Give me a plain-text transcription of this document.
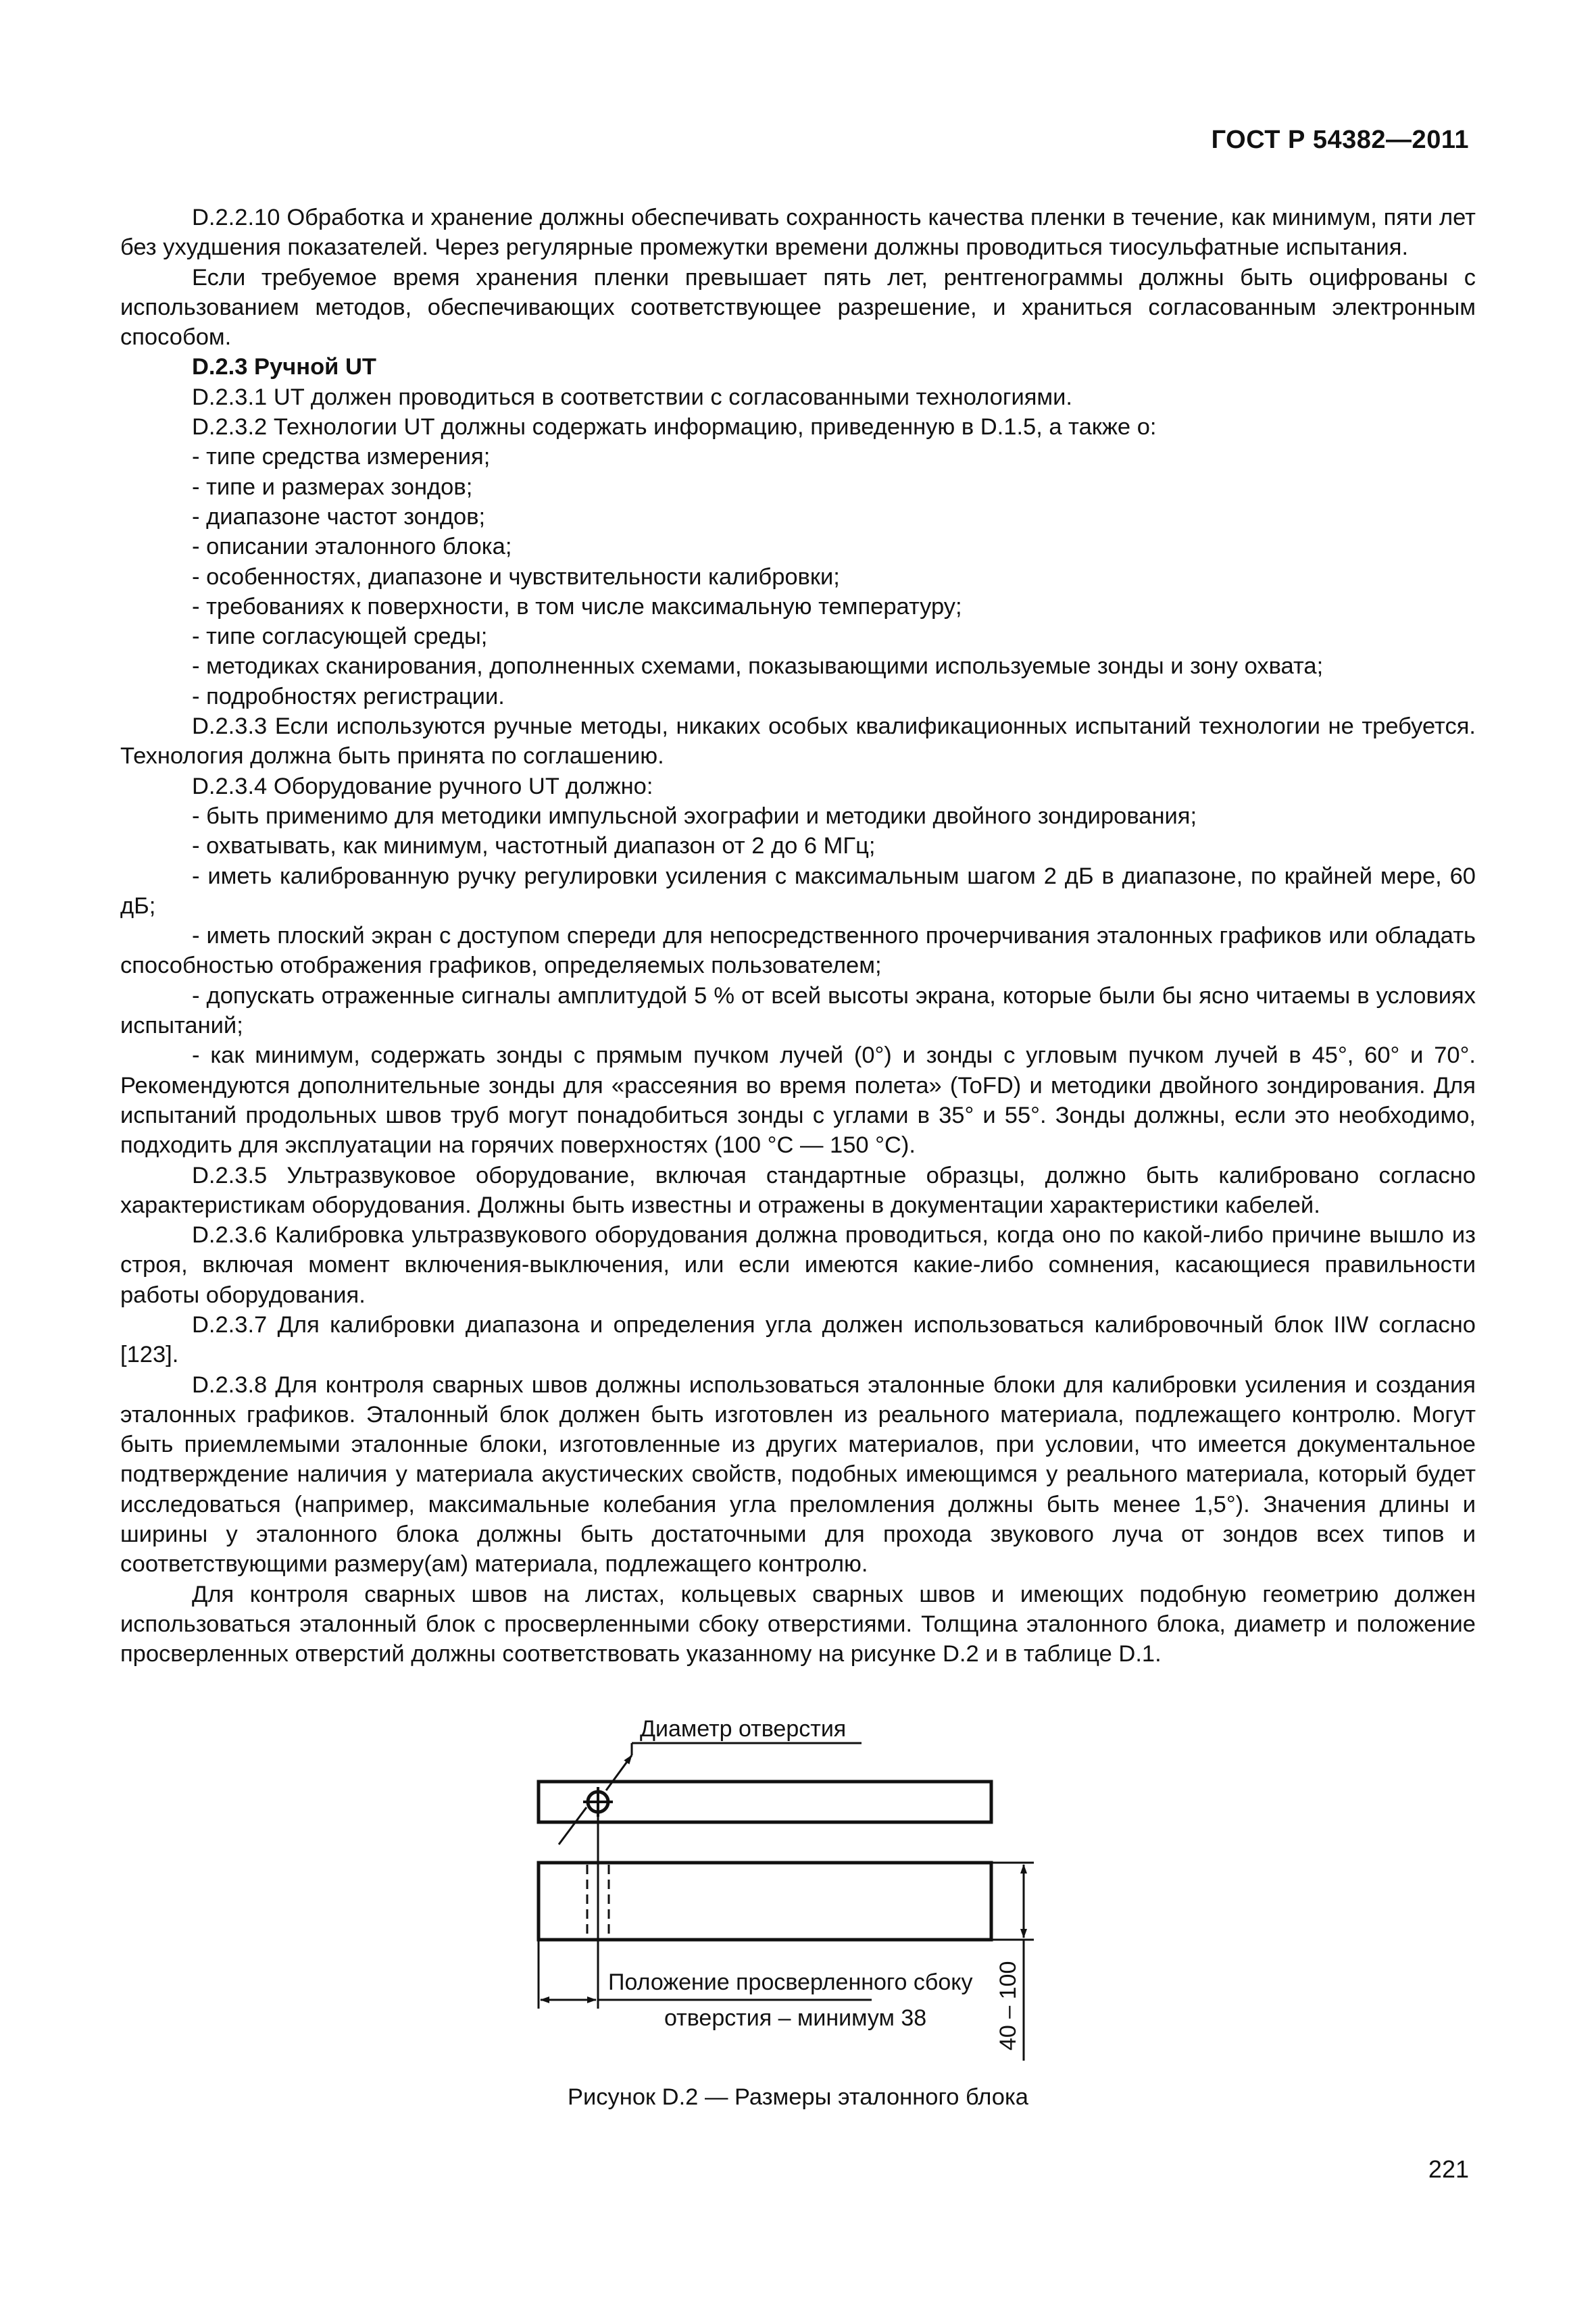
ГОСТ Р 54382—2011

D.2.2.10 Обработка и хранение должны обеспечивать сохранность качества пленки в течение, как минимум, пяти лет без ухудшения показателей. Через регулярные промежутки времени должны проводиться тиосульфатные испытания.

Если требуемое время хранения пленки превышает пять лет, рентгенограммы должны быть оцифрованы с использованием методов, обеспечивающих соответствующее разрешение, и храниться согласованным электронным способом.

D.2.3 Ручной UT

D.2.3.1 UT должен проводиться в соответствии с согласованными технологиями.

D.2.3.2 Технологии UT должны содержать информацию, приведенную в D.1.5, а также о:

- типе средства измерения;

- типе и размерах зондов;

- диапазоне частот зондов;

- описании эталонного блока;

- особенностях, диапазоне и чувствительности калибровки;

- требованиях к поверхности, в том числе максимальную температуру;

- типе согласующей среды;

- методиках сканирования, дополненных схемами, показывающими используемые зонды и зону охвата;

- подробностях регистрации.

D.2.3.3 Если используются ручные методы, никаких особых квалификационных испытаний технологии не требуется. Технология должна быть принята по соглашению.

D.2.3.4 Оборудование ручного UT должно:

- быть применимо для методики импульсной эхографии и методики двойного зондирования;

- охватывать, как минимум, частотный диапазон от 2 до 6 МГц;

- иметь калиброванную ручку регулировки усиления с максимальным шагом 2 дБ в диапазоне, по крайней мере, 60 дБ;

- иметь плоский экран с доступом спереди для непосредственного прочерчивания эталонных графиков или обладать способностью отображения графиков, определяемых пользователем;

- допускать отраженные сигналы амплитудой 5 % от всей высоты экрана, которые были бы ясно читаемы в условиях испытаний;

- как минимум, содержать зонды с прямым пучком лучей (0°) и зонды с угловым пучком лучей в 45°, 60° и 70°. Рекомендуются дополнительные зонды для «рассеяния во время полета» (ToFD) и методики двойного зондирования. Для испытаний продольных швов труб могут понадобиться зонды с углами в 35° и 55°. Зонды должны, если это необходимо, подходить для эксплуатации на горячих поверхностях (100 °С — 150 °С).

D.2.3.5 Ультразвуковое оборудование, включая стандартные образцы, должно быть калибровано согласно характеристикам оборудования. Должны быть известны и отражены в документации характеристики кабелей.

D.2.3.6 Калибровка ультразвукового оборудования должна проводиться, когда оно по какой-либо причине вышло из строя, включая момент включения-выключения, или если имеются какие-либо сомнения, касающиеся правильности работы оборудования.

D.2.3.7 Для калибровки диапазона и определения угла должен использоваться калибровочный блок IIW согласно [123].

D.2.3.8 Для контроля сварных швов должны использоваться эталонные блоки для калибровки усиления и создания эталонных графиков. Эталонный блок должен быть изготовлен из реального материала, подлежащего контролю. Могут быть приемлемыми эталонные блоки, изготовленные из других материалов, при условии, что имеется документальное подтверждение наличия у материала акустических свойств, подобных имеющимся у реального материала, который будет исследоваться (например, максимальные колебания угла преломления должны быть менее 1,5°). Значения длины и ширины у эталонного блока должны быть достаточными для прохода звукового луча от зондов всех типов и соответствующими размеру(ам) материала, подлежащего контролю.

Для контроля сварных швов на листах, кольцевых сварных швов и имеющих подобную геометрию должен использоваться эталонный блок с просверленными сбоку отверстиями. Толщина эталонного блока, диаметр и положение просверленных отверстий должны соответствовать указанному на рисунке D.2 и в таблице D.1.

Диаметр отверстия
Положение просверленного сбоку
отверстия – минимум 38	40 – 100
Рисунок D.2 — Размеры эталонного блока
221
